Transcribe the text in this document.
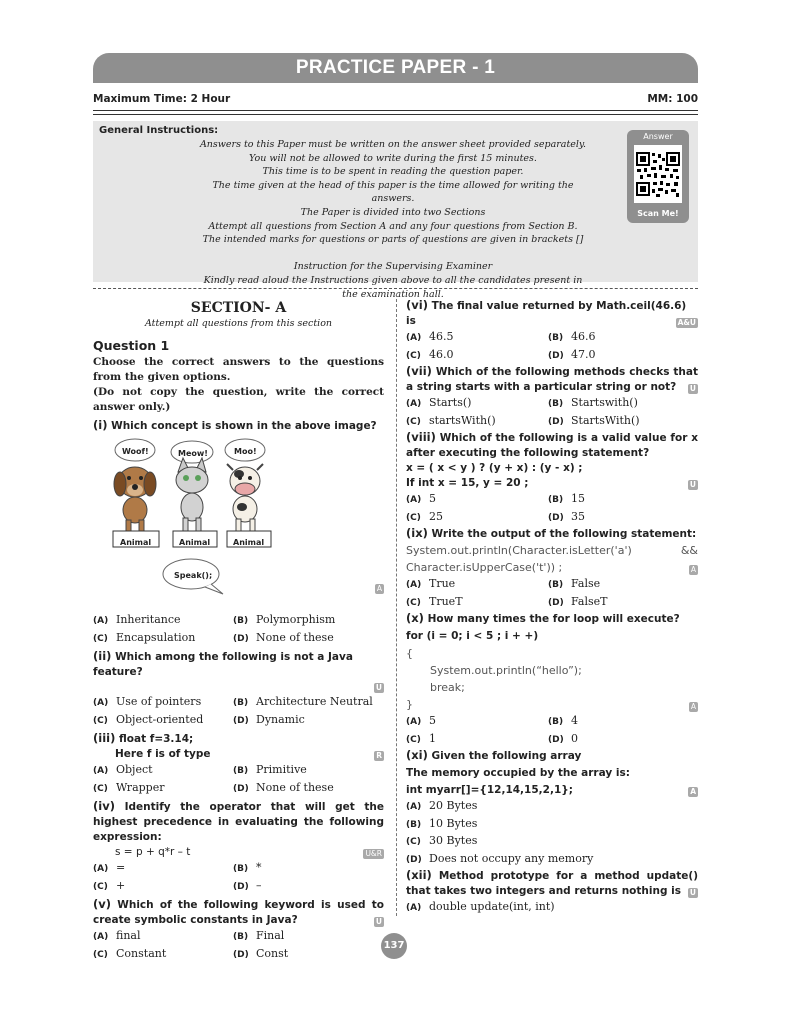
PRACTICE PAPER - 1
Maximum Time: 2 Hour	MM: 100
General Instructions:
Answers to this Paper must be written on the answer sheet provided separately.
You will not be allowed to write during the first 15 minutes.
This time is to be spent in reading the question paper.
The time given at the head of this paper is the time allowed for writing the answers.
The Paper is divided into two Sections
Attempt all questions from Section A and any four questions from Section B.
The intended marks for questions or parts of questions are given in brackets []

Instruction for the Supervising Examiner
Kindly read aloud the Instructions given above to all the candidates present in the examination hall.
Answer
Scan Me!
SECTION- A
Attempt all questions from this section
Question 1
Choose the correct answers to the questions from the given options.
(Do not copy the question, write the correct answer only.)
(i) Which concept is shown in the above image?
Woof!	Meow!	Moo!
Animal	Animal	Animal
Speak();
A
(A) Inheritance	(B) Polymorphism
(C) Encapsulation	(D) None of these
(ii) Which among the following is not a Java feature?
U
(A) Use of pointers	(B) Architecture Neutral
(C) Object-oriented	(D) Dynamic
(iii) float f=3.14;
Here f is of type	R
(A) Object	(B) Primitive
(C) Wrapper	(D) None of these
(iv) Identify the operator that will get the highest precedence in evaluating the following expression:
s = p + q*r – t	U&R
(A) =	(B) *
(C) +	(D) –
(v) Which of the following keyword is used to create symbolic constants in Java?	U
(A) final	(B) Final
(C) Constant	(D) Const
(vi) The final value returned by Math.ceil(46.6) is	A&U
(A) 46.5	(B) 46.6
(C) 46.0	(D) 47.0
(vii) Which of the following methods checks that a string starts with a particular string or not? U
(A) Starts()	(B) Startswith()
(C) startsWith()	(D) StartsWith()
(viii) Which of the following is a valid value for x after executing the following statement?
x = ( x < y ) ? (y + x) : (y - x) ;
If int x = 15, y = 20 ;	U
(A) 5	(B) 15
(C) 25	(D) 35
(ix) Write the output of the following statement:
System.out.println(Character.isLetter('a')	&&
Character.isUpperCase('t')) ;	A
(A) True	(B) False
(C) TrueT	(D) FalseT
(x) How many times the for loop will execute?
for (i = 0; i < 5 ; i + +)
{
System.out.println(“hello”);
break;
}	A
(A) 5	(B) 4
(C) 1	(D) 0
(xi) Given the following array
The memory occupied by the array is:
int myarr[]={12,14,15,2,1};	A
(A) 20 Bytes
(B) 10 Bytes
(C) 30 Bytes
(D) Does not occupy any memory
(xii) Method prototype for a method update() that takes two integers and returns nothing is U
(A) double update(int, int)
137
